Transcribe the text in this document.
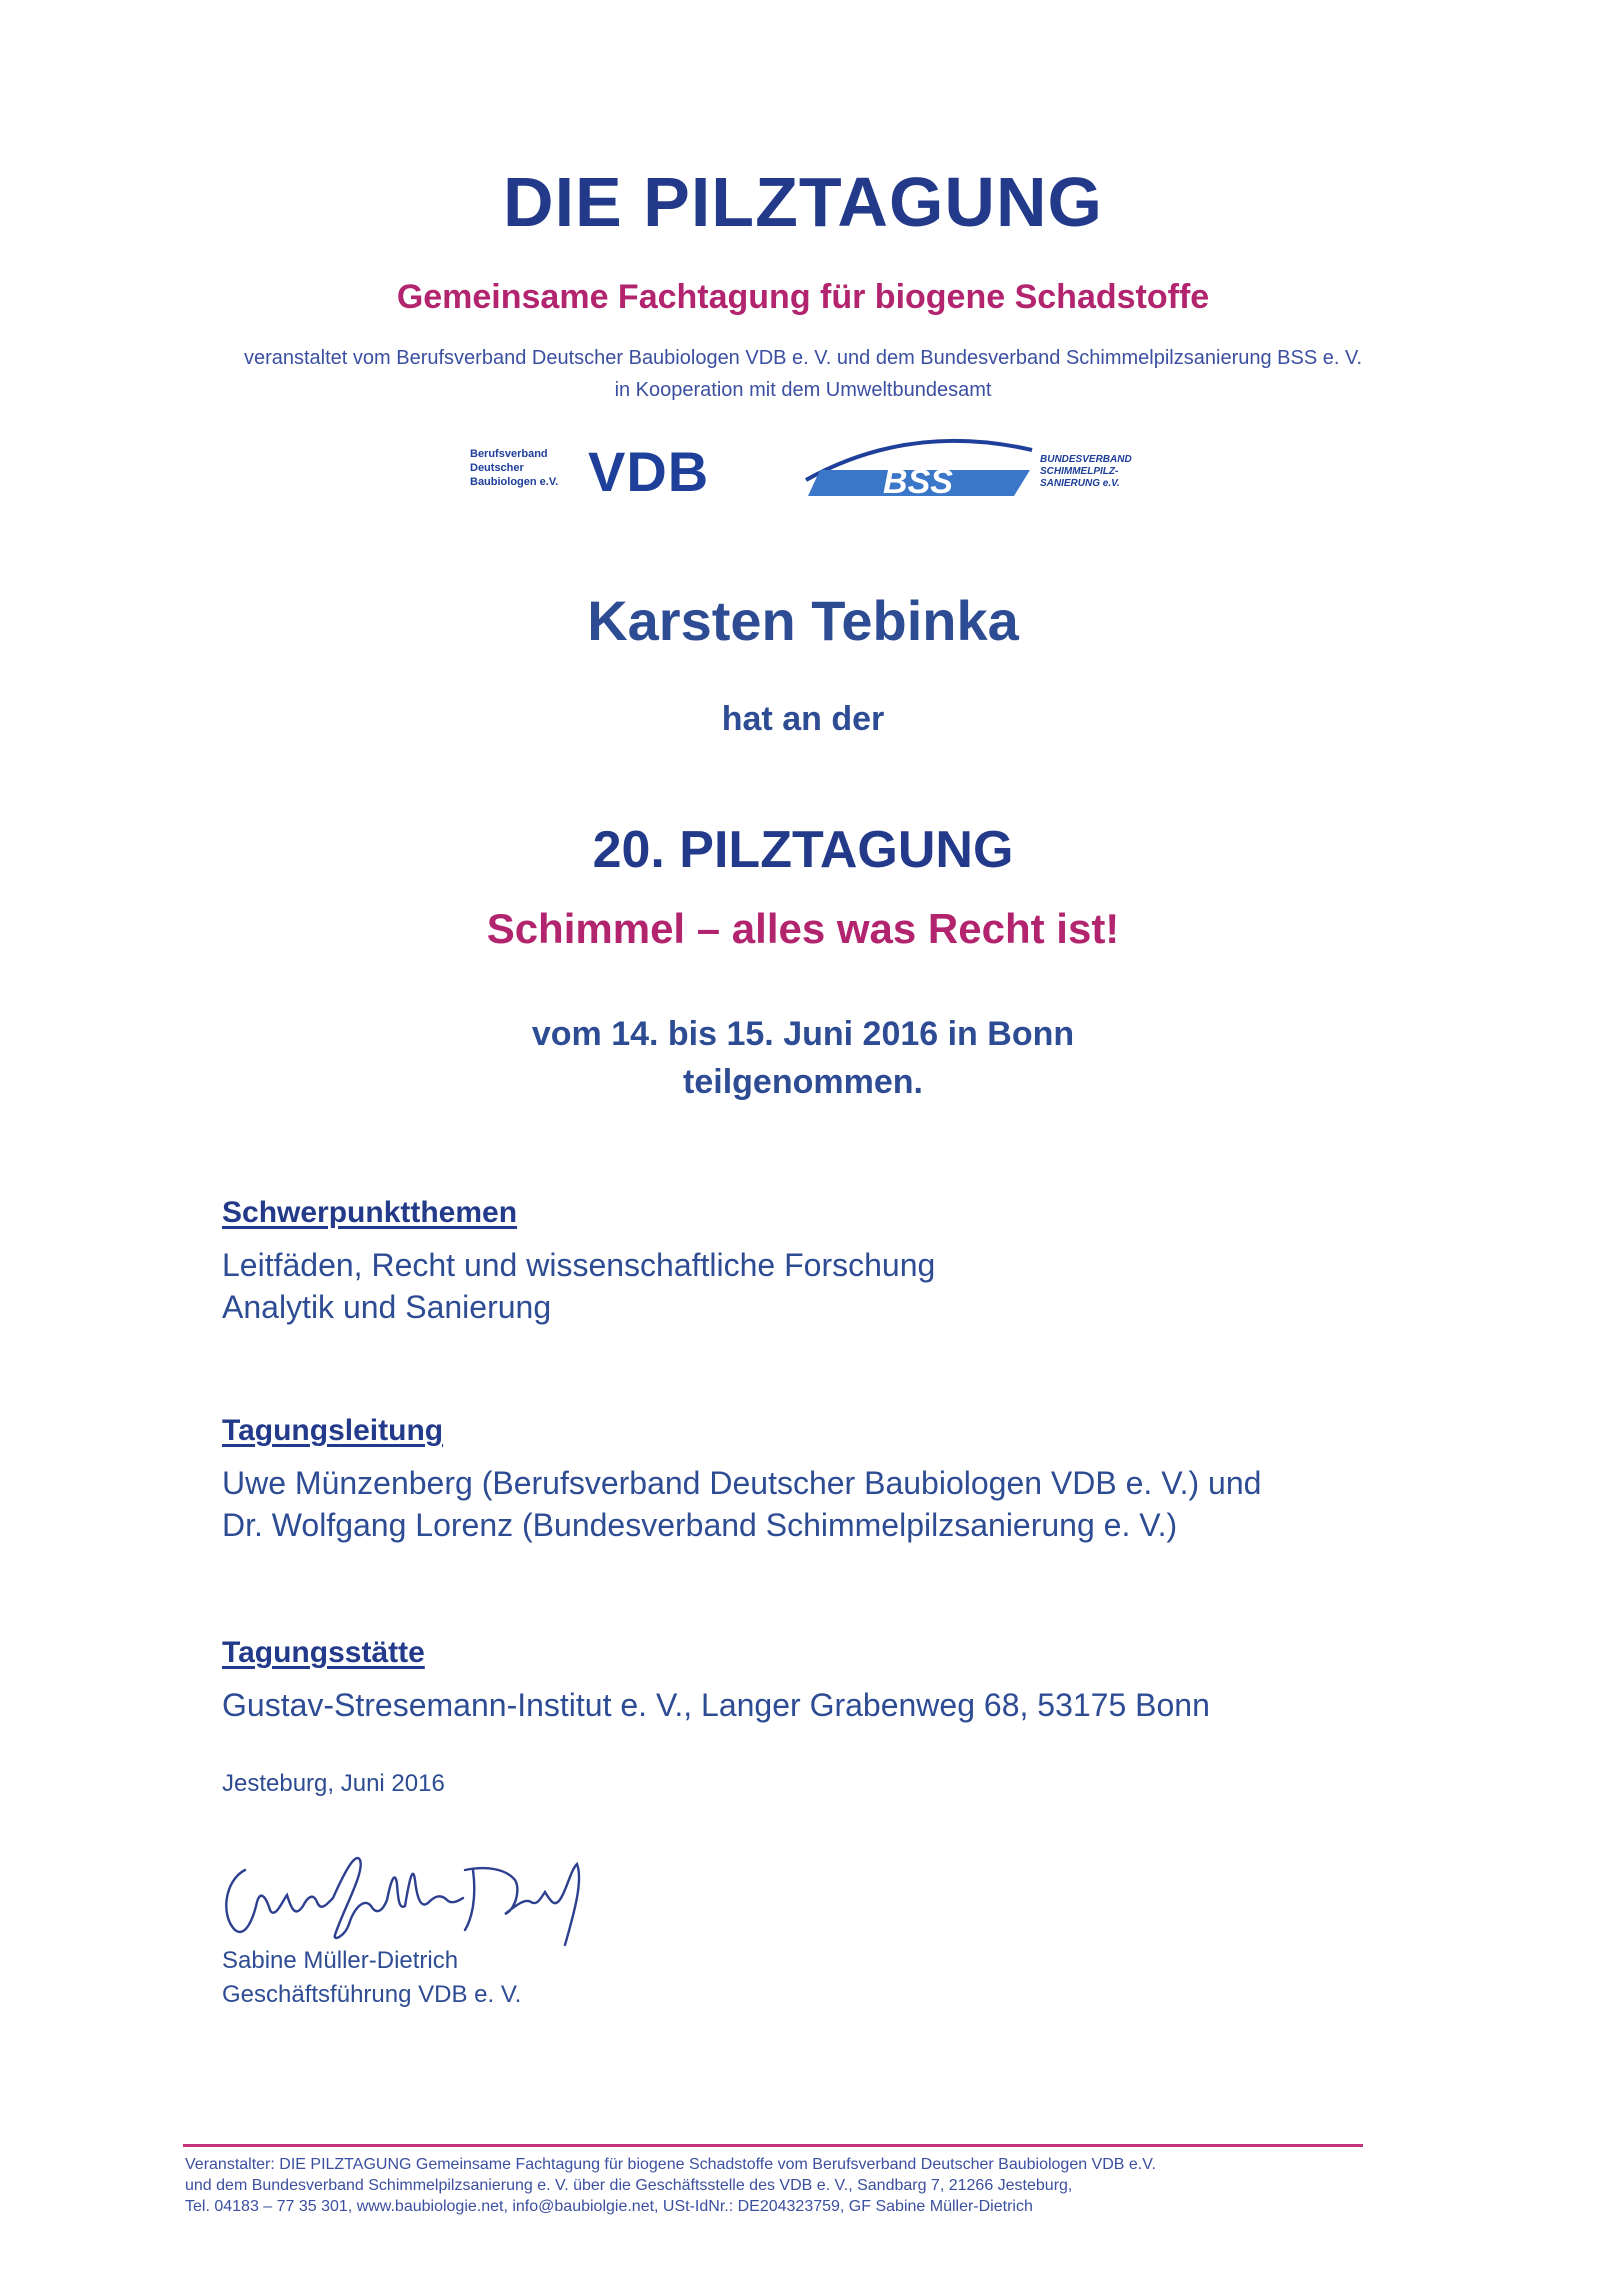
DIE PILZTAGUNG
Gemeinsame Fachtagung für biogene Schadstoffe
veranstaltet vom Berufsverband Deutscher Baubiologen VDB e. V. und dem Bundesverband Schimmelpilzsanierung BSS e. V.
in Kooperation mit dem Umweltbundesamt
Berufsverband
Deutscher
Baubiologen e.V. VDB	BSS
BUNDESVERBAND
SCHIMMELPILZ-
SANIERUNG e.V.
Karsten Tebinka
hat an der
20. PILZTAGUNG
Schimmel – alles was Recht ist!
vom 14. bis 15. Juni 2016 in Bonn
teilgenommen.
Schwerpunktthemen
Leitfäden, Recht und wissenschaftliche Forschung
Analytik und Sanierung
Tagungsleitung
Uwe Münzenberg (Berufsverband Deutscher Baubiologen VDB e. V.) und
Dr. Wolfgang Lorenz (Bundesverband Schimmelpilzsanierung e. V.)
Tagungsstätte
Gustav-Stresemann-Institut e. V., Langer Grabenweg 68, 53175 Bonn
Jesteburg, Juni 2016
Sabine Müller-Dietrich
Geschäftsführung VDB e. V.
Veranstalter: DIE PILZTAGUNG Gemeinsame Fachtagung für biogene Schadstoffe vom Berufsverband Deutscher Baubiologen VDB e.V.
und dem Bundesverband Schimmelpilzsanierung e. V. über die Geschäftsstelle des VDB e. V., Sandbarg 7, 21266 Jesteburg,
Tel. 04183 – 77 35 301, www.baubiologie.net, info@baubiolgie.net, USt-IdNr.: DE204323759, GF Sabine Müller-Dietrich
